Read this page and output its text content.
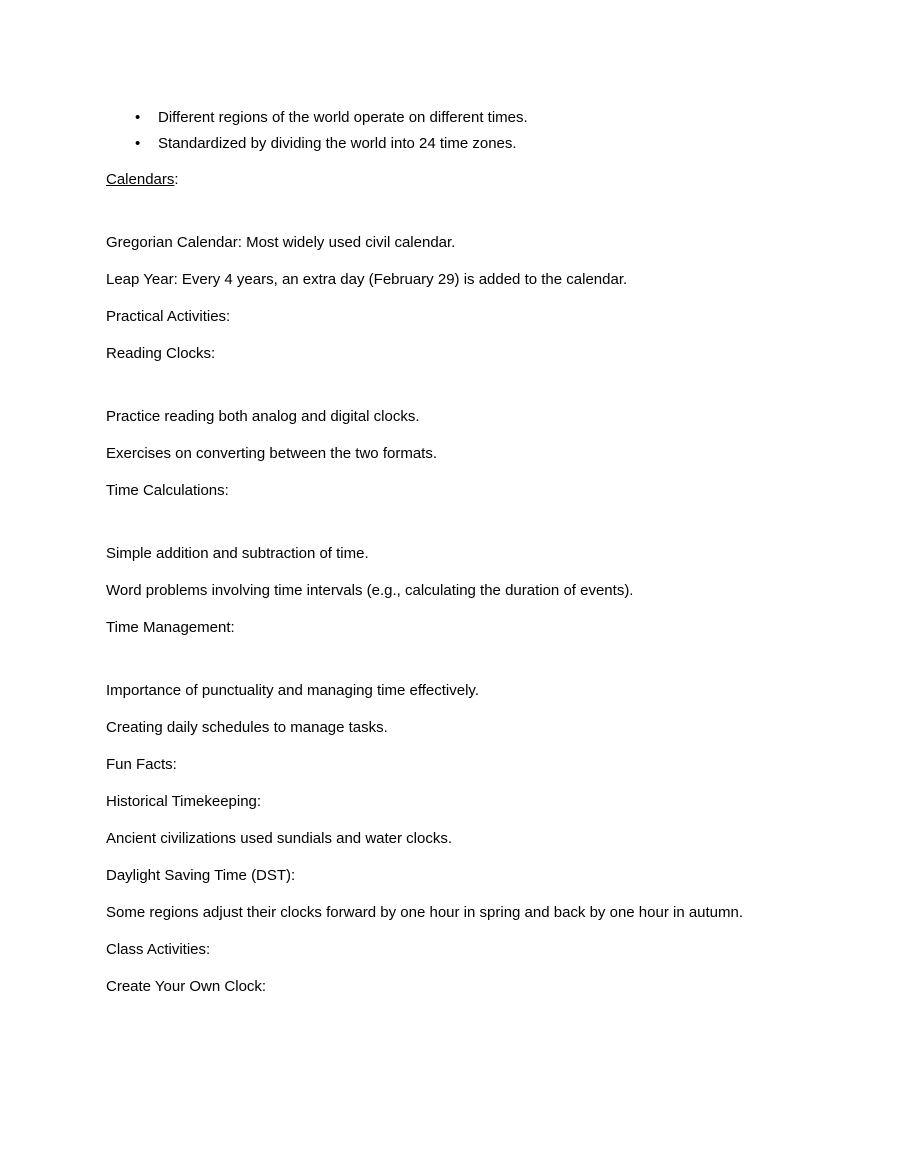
•	Different regions of the world operate on different times.
•	Standardized by dividing the world into 24 time zones.

Calendars:

Gregorian Calendar: Most widely used civil calendar.

Leap Year: Every 4 years, an extra day (February 29) is added to the calendar.

Practical Activities:

Reading Clocks:

Practice reading both analog and digital clocks.

Exercises on converting between the two formats.

Time Calculations:

Simple addition and subtraction of time.

Word problems involving time intervals (e.g., calculating the duration of events).

Time Management:

Importance of punctuality and managing time effectively.

Creating daily schedules to manage tasks.

Fun Facts:

Historical Timekeeping:

Ancient civilizations used sundials and water clocks.

Daylight Saving Time (DST):

Some regions adjust their clocks forward by one hour in spring and back by one hour in autumn.

Class Activities:

Create Your Own Clock:
